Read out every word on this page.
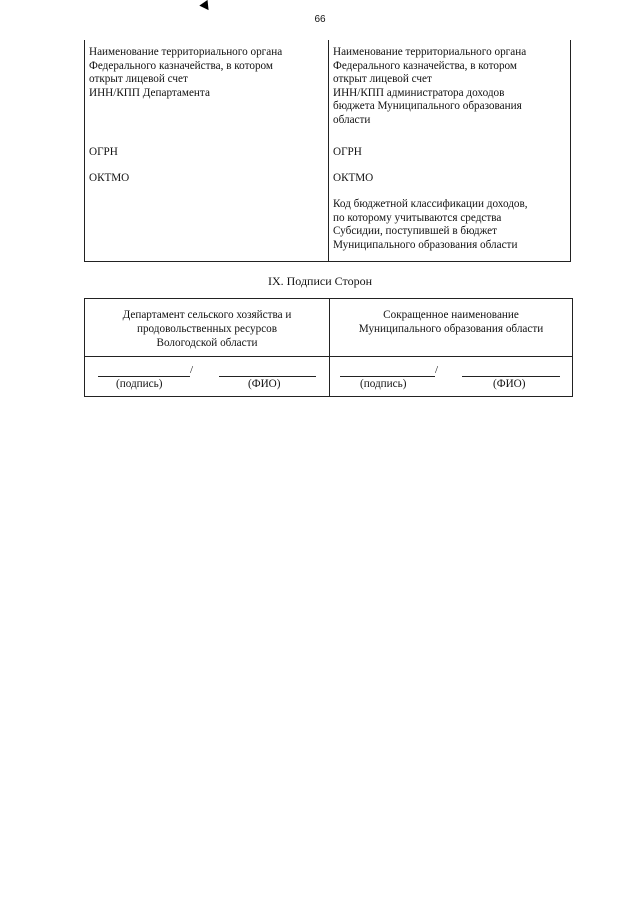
66
Наименование территориального органа
Федерального казначейства, в котором
открыт лицевой счет
ИНН/КПП Департамента
ОГРН
ОКТМО
Наименование территориального органа
Федерального казначейства, в котором
открыт лицевой счет
ИНН/КПП администратора доходов
бюджета Муниципального образования
области
ОГРН
ОКТМО
Код бюджетной классификации доходов,
по которому учитываются средства
Субсидии, поступившей в бюджет
Муниципального образования области
IX. Подписи Сторон
Департамент сельского хозяйства и
продовольственных ресурсов
Вологодской области
Сокращенное наименование
Муниципального образования области
/
(подпись)	(ФИО)
/
(подпись)	(ФИО)
